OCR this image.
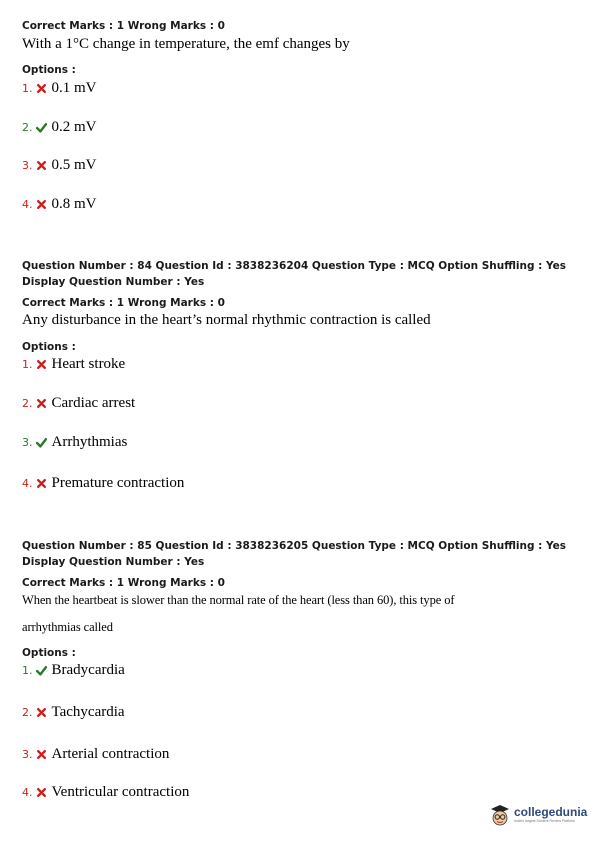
Correct Marks : 1 Wrong Marks : 0
With a 1°C change in temperature, the emf changes by
Options :
1. 0.1 mV
2. 0.2 mV
3. 0.5 mV
4. 0.8 mV
Question Number : 84 Question Id : 3838236204 Question Type : MCQ Option Shuffling : Yes
Display Question Number : Yes
Correct Marks : 1 Wrong Marks : 0
Any disturbance in the heart’s normal rhythmic contraction is called
Options :
1. Heart stroke
2. Cardiac arrest
3. Arrhythmias
4. Premature contraction
Question Number : 85 Question Id : 3838236205 Question Type : MCQ Option Shuffling : Yes
Display Question Number : Yes
Correct Marks : 1 Wrong Marks : 0
When the heartbeat is slower than the normal rate of the heart (less than 60), this type of
arrhythmias called
Options :
1. Bradycardia
2. Tachycardia
3. Arterial contraction
4. Ventricular contraction
collegedunia
India's largest Student Review Platform
